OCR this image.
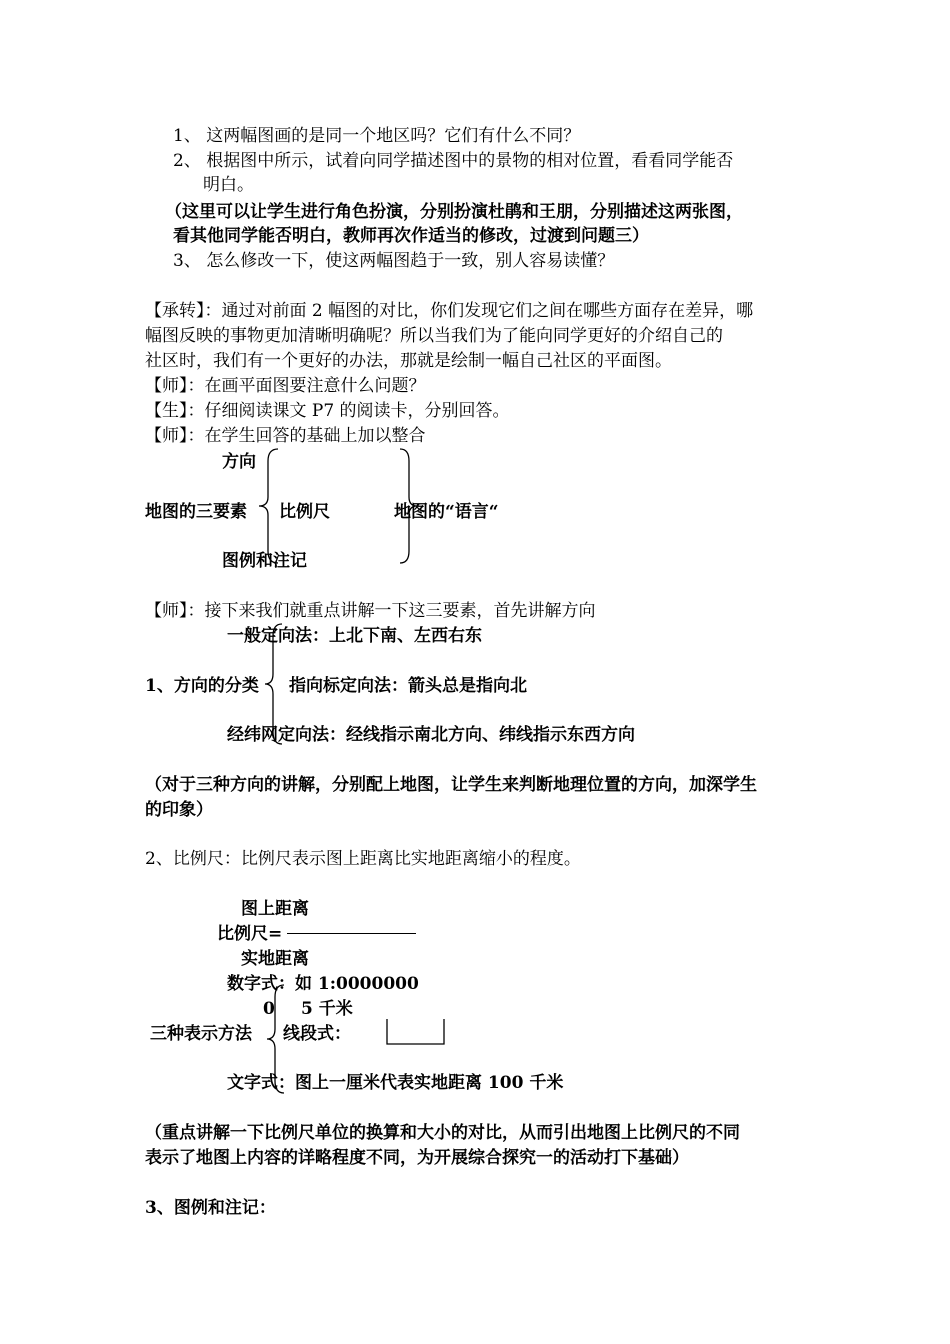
1、 这两幅图画的是同一个地区吗？它们有什么不同？
2、 根据图中所示，试着向同学描述图中的景物的相对位置，看看同学能否
明白。
（这里可以让学生进行角色扮演，分别扮演杜鹃和王朋，分别描述这两张图，
看其他同学能否明白，教师再次作适当的修改，过渡到问题三）
3、 怎么修改一下，使这两幅图趋于一致，别人容易读懂？
【承转】：通过对前面 2 幅图的对比，你们发现它们之间在哪些方面存在差异，哪
幅图反映的事物更加清晰明确呢？所以当我们为了能向同学更好的介绍自己的
社区时，我们有一个更好的办法，那就是绘制一幅自己社区的平面图。
【师】：在画平面图要注意什么问题？
【生】：仔细阅读课文 P7 的阅读卡，分别回答。
【师】：在学生回答的基础上加以整合
方向
地图的三要素 比例尺	地图的“语言“
图例和注记
【师】：接下来我们就重点讲解一下这三要素，首先讲解方向
一般定向法：上北下南、左西右东
1、方向的分类 指向标定向法：箭头总是指向北
经纬网定向法：经线指示南北方向、纬线指示东西方向
（对于三种方向的讲解，分别配上地图，让学生来判断地理位置的方向，加深学生
的印象）
2、比例尺：比例尺表示图上距离比实地距离缩小的程度。
图上距离
比例尺=
实地距离
数字式：如 1:0000000
0 5 千米
三种表示方法 线段式：
文字式：图上一厘米代表实地距离 100 千米
（重点讲解一下比例尺单位的换算和大小的对比，从而引出地图上比例尺的不同
表示了地图上内容的详略程度不同，为开展综合探究一的活动打下基础）
3、图例和注记：
